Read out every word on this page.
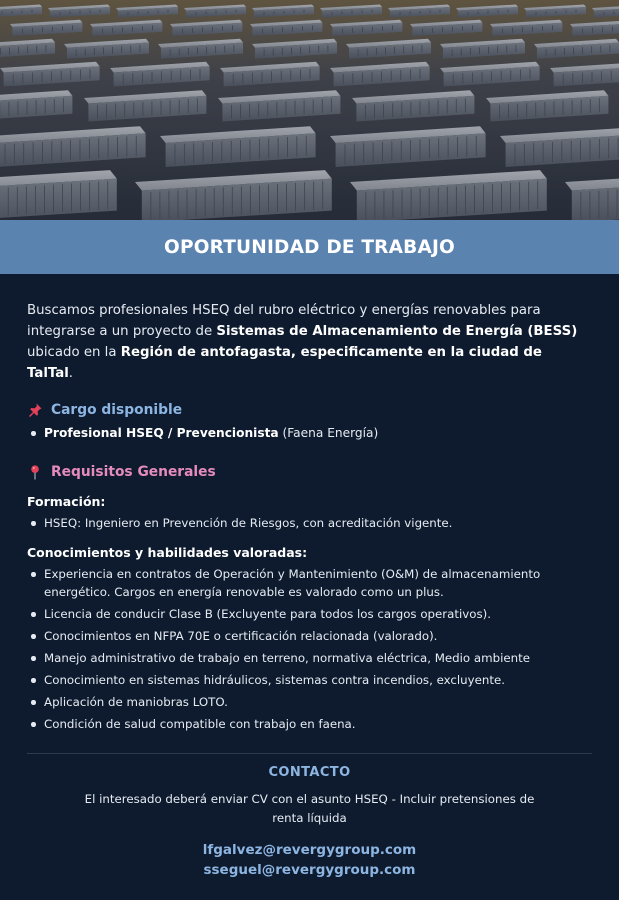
OPORTUNIDAD DE TRABAJO

Buscamos profesionales HSEQ del rubro eléctrico y energías renovables para integrarse a un proyecto de Sistemas de Almacenamiento de Energía (BESS) ubicado en la Región de antofagasta, especificamente en la ciudad de TalTal.

Cargo disponible
Profesional HSEQ / Prevencionista (Faena Energía)
Requisitos Generales
Formación:
HSEQ: Ingeniero en Prevención de Riesgos, con acreditación vigente.
Conocimientos y habilidades valoradas:
Experiencia en contratos de Operación y Mantenimiento (O&M) de almacenamiento energético. Cargos en energía renovable es valorado como un plus.
Licencia de conducir Clase B (Excluyente para todos los cargos operativos).
Conocimientos en NFPA 70E o certificación relacionada (valorado).
Manejo administrativo de trabajo en terreno, normativa eléctrica, Medio ambiente
Conocimiento en sistemas hidráulicos, sistemas contra incendios, excluyente.
Aplicación de maniobras LOTO.
Condición de salud compatible con trabajo en faena.
CONTACTO
El interesado deberá enviar CV con el asunto HSEQ - Incluir pretensiones de renta líquida
lfgalvez@revergygroup.com
sseguel@revergygroup.com
